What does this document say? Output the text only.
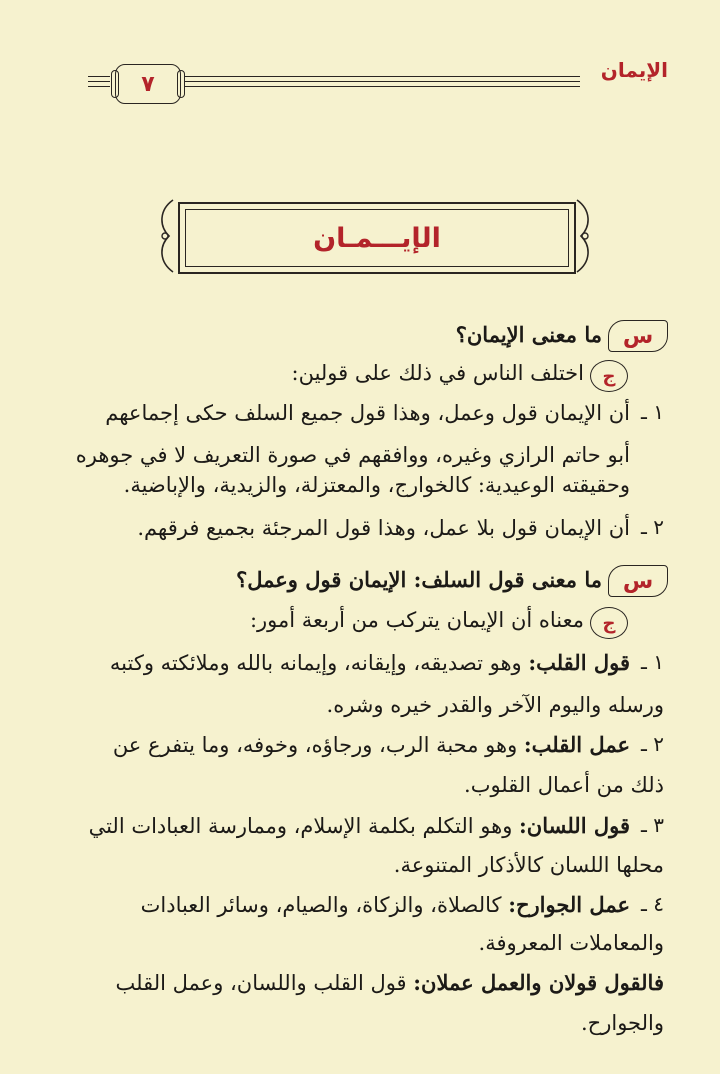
الإيمان
٧
الإيـــمـان
س
ما معنى الإيمان؟
ج
اختلف الناس في ذلك على قولين:
١ ـ
أن الإيمان قول وعمل، وهذا قول جميع السلف حكى إجماعهم
أبو حاتم الرازي وغيره، ووافقهم في صورة التعريف لا في جوهره
وحقيقته الوعيدية: كالخوارج، والمعتزلة، والزيدية، والإباضية.
٢ ـ
أن الإيمان قول بلا عمل، وهذا قول المرجئة بجميع فرقهم.
س
ما معنى قول السلف: الإيمان قول وعمل؟
ج
معناه أن الإيمان يتركب من أربعة أمور:
١ ـ
قول القلب: وهو تصديقه، وإيقانه، وإيمانه بالله وملائكته وكتبه
ورسله واليوم الآخر والقدر خيره وشره.
٢ ـ
عمل القلب: وهو محبة الرب، ورجاؤه، وخوفه، وما يتفرع عن
ذلك من أعمال القلوب.
٣ ـ
قول اللسان: وهو التكلم بكلمة الإسلام، وممارسة العبادات التي
محلها اللسان كالأذكار المتنوعة.
٤ ـ
عمل الجوارح: كالصلاة، والزكاة، والصيام، وسائر العبادات
والمعاملات المعروفة.
فالقول قولان والعمل عملان: قول القلب واللسان، وعمل القلب
والجوارح.
